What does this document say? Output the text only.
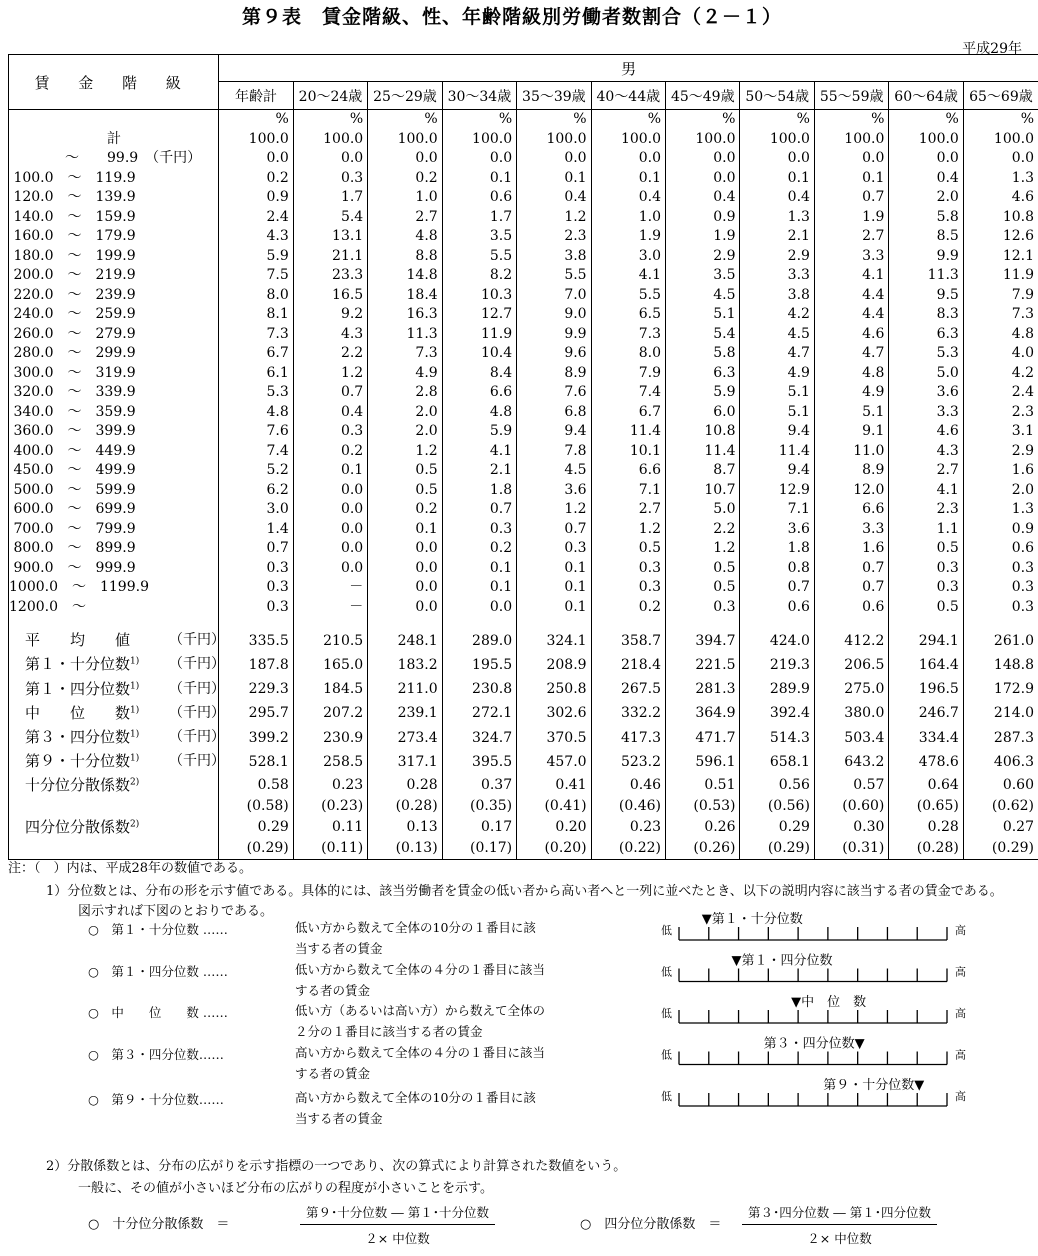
第９表　賃金階級、性、年齢階級別労働者数割合（２－１）
平成29年
賃 金 階 級	男										
	年齢計	20～24歳	25～29歳	30～34歳	35～39歳	40～44歳	45～49歳	50～54歳	55～59歳	60～64歳	65～69歳
	%	%	%	%	%	%	%	%	%	%	%
　　　　　　　計	100.0	100.0	100.0	100.0	100.0	100.0	100.0	100.0	100.0	100.0	100.0
　　　　～　　99.9　（千円）	0.0	0.0	0.0	0.0	0.0	0.0	0.0	0.0	0.0	0.0	0.0
100.0　～　119.9	0.2	0.3	0.2	0.1	0.1	0.1	0.0	0.1	0.1	0.4	1.3
120.0　～　139.9	0.9	1.7	1.0	0.6	0.4	0.4	0.4	0.4	0.7	2.0	4.6
140.0　～　159.9	2.4	5.4	2.7	1.7	1.2	1.0	0.9	1.3	1.9	5.8	10.8
160.0　～　179.9	4.3	13.1	4.8	3.5	2.3	1.9	1.9	2.1	2.7	8.5	12.6
180.0　～　199.9	5.9	21.1	8.8	5.5	3.8	3.0	2.9	2.9	3.3	9.9	12.1
200.0　～　219.9	7.5	23.3	14.8	8.2	5.5	4.1	3.5	3.3	4.1	11.3	11.9
220.0　～　239.9	8.0	16.5	18.4	10.3	7.0	5.5	4.5	3.8	4.4	9.5	7.9
240.0　～　259.9	8.1	9.2	16.3	12.7	9.0	6.5	5.1	4.2	4.4	8.3	7.3
260.0　～　279.9	7.3	4.3	11.3	11.9	9.9	7.3	5.4	4.5	4.6	6.3	4.8
280.0　～　299.9	6.7	2.2	7.3	10.4	9.6	8.0	5.8	4.7	4.7	5.3	4.0
300.0　～　319.9	6.1	1.2	4.9	8.4	8.9	7.9	6.3	4.9	4.8	5.0	4.2
320.0　～　339.9	5.3	0.7	2.8	6.6	7.6	7.4	5.9	5.1	4.9	3.6	2.4
340.0　～　359.9	4.8	0.4	2.0	4.8	6.8	6.7	6.0	5.1	5.1	3.3	2.3
360.0　～　399.9	7.6	0.3	2.0	5.9	9.4	11.4	10.8	9.4	9.1	4.6	3.1
400.0　～　449.9	7.4	0.2	1.2	4.1	7.8	10.1	11.4	11.4	11.0	4.3	2.9
450.0　～　499.9	5.2	0.1	0.5	2.1	4.5	6.6	8.7	9.4	8.9	2.7	1.6
500.0　～　599.9	6.2	0.0	0.5	1.8	3.6	7.1	10.7	12.9	12.0	4.1	2.0
600.0　～　699.9	3.0	0.0	0.2	0.7	1.2	2.7	5.0	7.1	6.6	2.3	1.3
700.0　～　799.9	1.4	0.0	0.1	0.3	0.7	1.2	2.2	3.6	3.3	1.1	0.9
800.0　～　899.9	0.7	0.0	0.0	0.2	0.3	0.5	1.2	1.8	1.6	0.5	0.6
900.0　～　999.9	0.3	0.0	0.0	0.1	0.1	0.3	0.5	0.8	0.7	0.3	0.3
1000.0　～　1199.9	0.3	－	0.0	0.1	0.1	0.3	0.5	0.7	0.7	0.3	0.3
1200.0　～	0.3	－	0.0	0.0	0.1	0.2	0.3	0.6	0.6	0.5	0.3

平　　均　　値 （千円）	335.5	210.5	248.1	289.0	324.1	358.7	394.7	424.0	412.2	294.1	261.0
第１・十分位数$^{1)}$ （千円）	187.8	165.0	183.2	195.5	208.9	218.4	221.5	219.3	206.5	164.4	148.8
第１・四分位数$^{1)}$ （千円）	229.3	184.5	211.0	230.8	250.8	267.5	281.3	289.9	275.0	196.5	172.9
中　　位　　数$^{1)}$ （千円）	295.7	207.2	239.1	272.1	302.6	332.2	364.9	392.4	380.0	246.7	214.0
第３・四分位数$^{1)}$ （千円）	399.2	230.9	273.4	324.7	370.5	417.3	471.7	514.3	503.4	334.4	287.3
第９・十分位数$^{1)}$ （千円）	528.1	258.5	317.1	395.5	457.0	523.2	596.1	658.1	643.2	478.6	406.3
十分位分散係数$^{2)}$	0.58	0.23	0.28	0.37	0.41	0.46	0.51	0.56	0.57	0.64	0.60
	(0.58)	(0.23)	(0.28)	(0.35)	(0.41)	(0.46)	(0.53)	(0.56)	(0.60)	(0.65)	(0.62)
四分位分散係数$^{2)}$	0.29	0.11	0.13	0.17	0.20	0.23	0.26	0.29	0.30	0.28	0.27
	(0.29)	(0.11)	(0.13)	(0.17)	(0.20)	(0.22)	(0.26)	(0.29)	(0.31)	(0.28)	(0.29)
注：（　）内は、平成28年の数値である。
1）分位数とは、分布の形を示す値である。具体的には、該当労働者を賃金の低い者から高い者へと一列に並べたとき、以下の説明内容に該当する者の賃金である。
図示すれば下図のとおりである。
○　第１・十分位数 ……	低い方から数えて全体の10分の１番目に該当する者の賃金
○　第１・四分位数 ……	低い方から数えて全体の４分の１番目に該当する者の賃金
○　中　　位　　数 ……	低い方（あるいは高い方）から数えて全体の２分の１番目に該当する者の賃金
○　第３・四分位数……	高い方から数えて全体の４分の１番目に該当する者の賃金
○　第９・十分位数……	高い方から数えて全体の10分の１番目に該当する者の賃金
低	高
▼第１・十分位数
低	高
▼第１・四分位数
低	高
▼中　位　数
低	高
第３・四分位数▼
低	高
第９・十分位数▼
2）分散係数とは、分布の広がりを示す指標の一つであり、次の算式により計算された数値をいう。
一般に、その値が小さいほど分布の広がりの程度が小さいことを示す。
○　十分位分散係数　＝
第９･十分位数 ― 第１･十分位数
２× 中位数
○　四分位分散係数　＝
第３･四分位数 ― 第１･四分位数
２× 中位数
